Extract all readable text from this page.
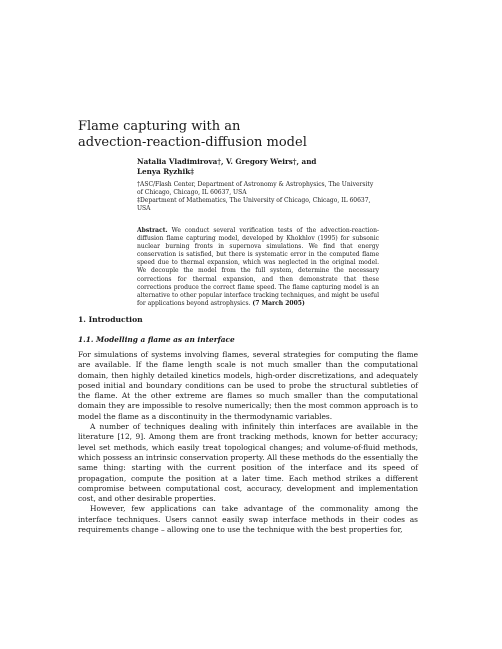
Flame capturing with an
advection-reaction-diffusion model
Natalia Vladimirova†, V. Gregory Weirs†, and
Lenya Ryzhik‡
†ASC/Flash Center, Department of Astronomy & Astrophysics, The University of Chicago, Chicago, IL 60637, USA
‡Department of Mathematics, The University of Chicago, Chicago, IL 60637, USA
Abstract. We conduct several verification tests of the advection-reaction-diffusion flame capturing model, developed by Khokhlov (1995) for subsonic nuclear burning fronts in supernova simulations. We find that energy conservation is satisfied, but there is systematic error in the computed flame speed due to thermal expansion, which was neglected in the original model. We decouple the model from the full system, determine the necessary corrections for thermal expansion, and then demonstrate that these corrections produce the correct flame speed. The flame capturing model is an alternative to other popular interface tracking techniques, and might be useful for applications beyond astrophysics. (7 March 2005)
1. Introduction
1.1. Modelling a flame as an interface

For simulations of systems involving flames, several strategies for computing the flame are available. If the flame length scale is not much smaller than the computational domain, then highly detailed kinetics models, high-order discretizations, and adequately posed initial and boundary conditions can be used to probe the structural subtleties of the flame. At the other extreme are flames so much smaller than the computational domain they are impossible to resolve numerically; then the most common approach is to model the flame as a discontinuity in the thermodynamic variables.

A number of techniques dealing with infinitely thin interfaces are available in the literature [12, 9]. Among them are front tracking methods, known for better accuracy; level set methods, which easily treat topological changes; and volume-of-fluid methods, which possess an intrinsic conservation property. All these methods do the essentially the same thing: starting with the current position of the interface and its speed of propagation, compute the position at a later time. Each method strikes a different compromise between computational cost, accuracy, development and implementation cost, and other desirable properties.

However, few applications can take advantage of the commonality among the interface techniques. Users cannot easily swap interface methods in their codes as requirements change – allowing one to use the technique with the best properties for,
